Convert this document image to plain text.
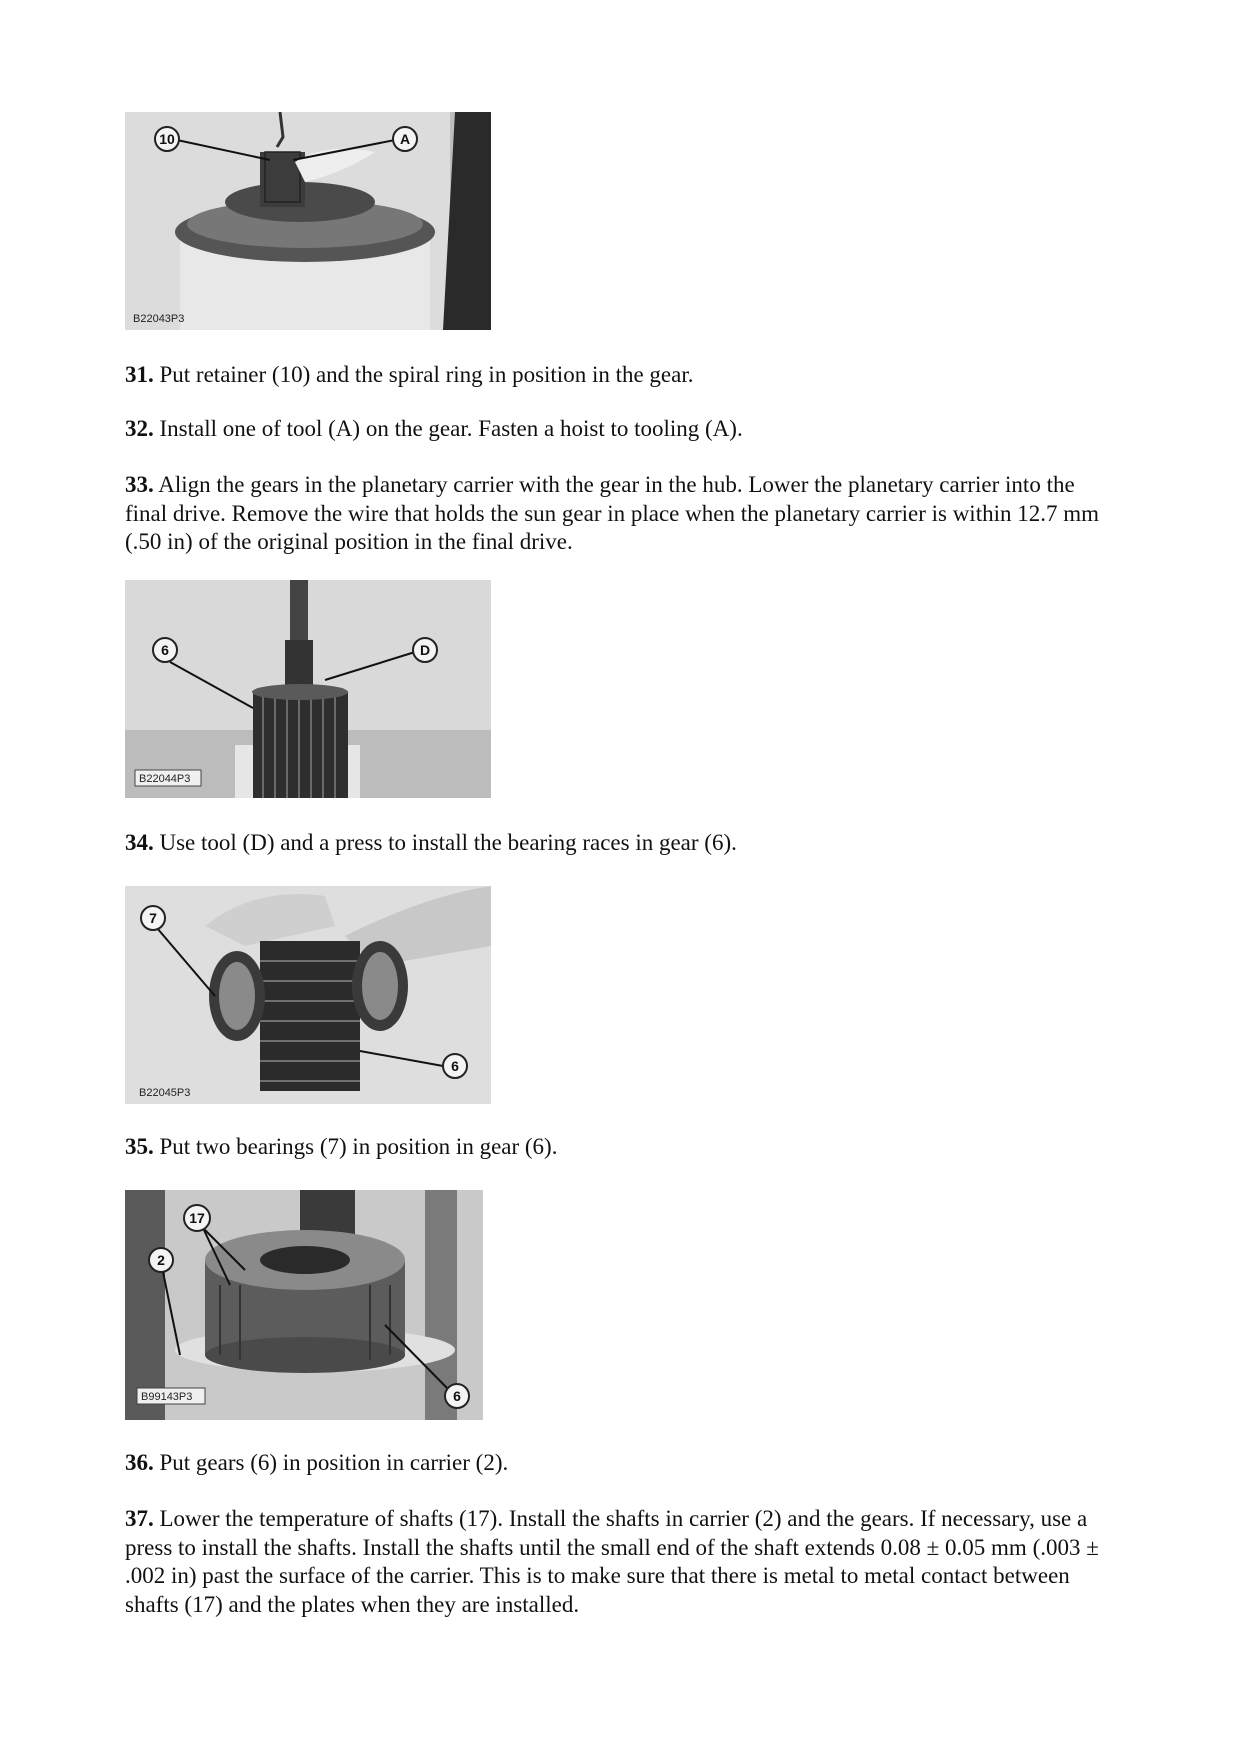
10	A
B22043P3

31. Put retainer (10) and the spiral ring in position in the gear.

32. Install one of tool (A) on the gear. Fasten a hoist to tooling (A).

33. Align the gears in the planetary carrier with the gear in the hub. Lower the planetary carrier into the final drive. Remove the wire that holds the sun gear in place when the planetary carrier is within 12.7 mm (.50 in) of the original position in the final drive.

6	D
B22044P3

34. Use tool (D) and a press to install the bearing races in gear (6).

7
6
B22045P3

35. Put two bearings (7) in position in gear (6).

17
2
6
B99143P3

36. Put gears (6) in position in carrier (2).

37. Lower the temperature of shafts (17). Install the shafts in carrier (2) and the gears. If necessary, use a press to install the shafts. Install the shafts until the small end of the shaft extends 0.08 ± 0.05 mm (.003 ± .002 in) past the surface of the carrier. This is to make sure that there is metal to metal contact between shafts (17) and the plates when they are installed.
